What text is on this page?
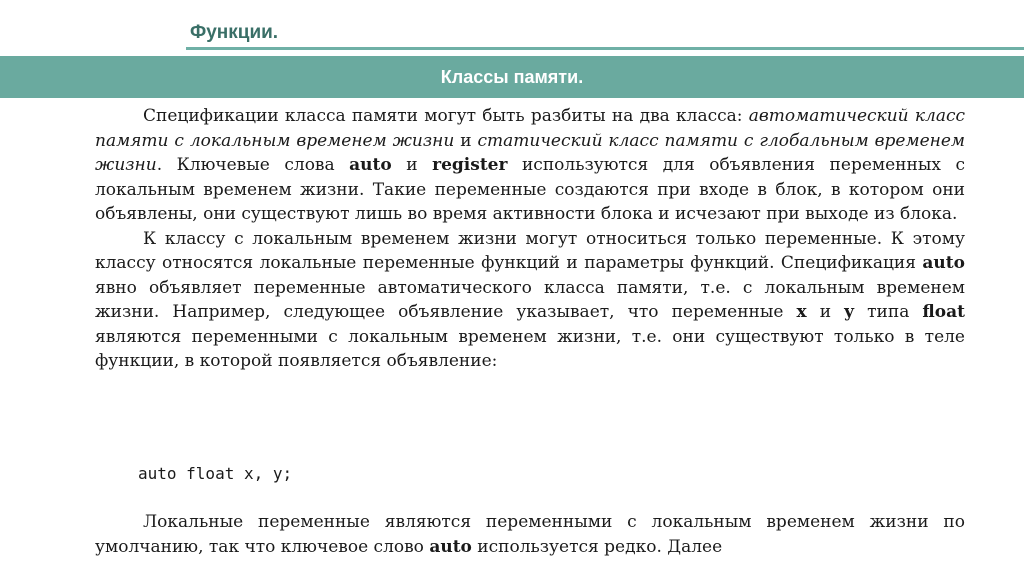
Функции.
Классы памяти.

Спецификации класса памяти могут быть разбиты на два класса: автоматический класс памяти с локальным временем жизни и статический класс памяти с глобальным временем жизни. Ключевые слова auto и register используются для объявления переменных с локальным временем жизни. Такие переменные создаются при входе в блок, в котором они объявлены, они существуют лишь во время активности блока и исчезают при выходе из блока.

К классу с локальным временем жизни могут относиться только переменные. К этому классу относятся локальные переменные функций и параметры функций. Спецификация auto явно объявляет переменные автоматического класса памяти, т.е. с локальным временем жизни. Например, следующее объявление указывает, что переменные x и y типа float являются переменными с локальным временем жизни, т.е. они существуют только в теле функции, в которой появляется объявление:

auto float x, y;

Локальные переменные являются переменными с локальным временем жизни по умолчанию, так что ключевое слово auto используется редко. Далее
